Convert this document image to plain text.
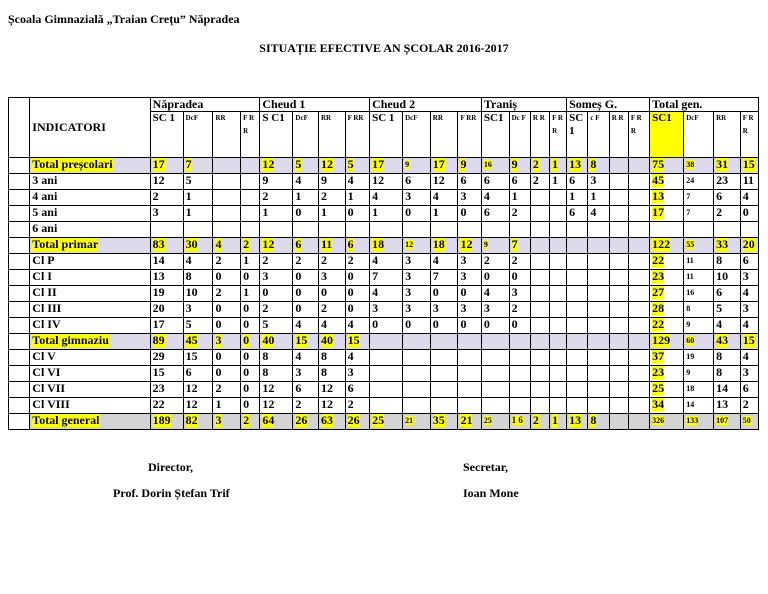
Școala Gimnazială „Traian Crețu” Năpradea
SITUAȚIE EFECTIVE AN ȘCOLAR 2016-2017
	INDICATORI	Năpradea				Cheud 1				Cheud 2				Traniș				Someș G.				Total gen.			
		SC 1	DcF	RR	F R R	S C1	DcF	RR	F RR	SC 1	DcF	RR	F RR	SC1	Dc F	R R	F R R	SC 1	c F	R R	F R R	SC1	DcF	RR	F RR
	Total preșcolari	17	7			12	5	12	5	17	9	17	9	16	9	2	1	13	8			75	38	31	15
	3 ani	12	5			9	4	9	4	12	6	12	6	6	6	2	1	6	3			45	24	23	11
	4 ani	2	1			2	1	2	1	4	3	4	3	4	1			1	1			13	7	6	4
	5 ani	3	1			1	0	1	0	1	0	1	0	6	2			6	4			17	7	2	0
	6 ani																								
	Total primar	83	30	4	2	12	6	11	6	18	12	18	12	9	7							122	55	33	20
	Cl P	14	4	2	1	2	2	2	2	4	3	4	3	2	2							22	11	8	6
	Cl I	13	8	0	0	3	0	3	0	7	3	7	3	0	0							23	11	10	3
	Cl II	19	10	2	1	0	0	0	0	4	3	0	0	4	3							27	16	6	4
	Cl III	20	3	0	0	2	0	2	0	3	3	3	3	3	2							28	8	5	3
	Cl IV	17	5	0	0	5	4	4	4	0	0	0	0	0	0							22	9	4	4
	Total gimnaziu	89	45	3	0	40	15	40	15													129	60	43	15
	Cl V	29	15	0	0	8	4	8	4													37	19	8	4
	Cl VI	15	6	0	0	8	3	8	3													23	9	8	3
	Cl VII	23	12	2	0	12	6	12	6													25	18	14	6
	Cl VIII	22	12	1	0	12	2	12	2													34	14	13	2
	Total general	189	82	3	2	64	26	63	26	25	21	35	21	25	1 6	2	1	13	8			326	133	107	50
Director,
Prof. Dorin Ștefan Trif
Secretar,
Ioan Mone
